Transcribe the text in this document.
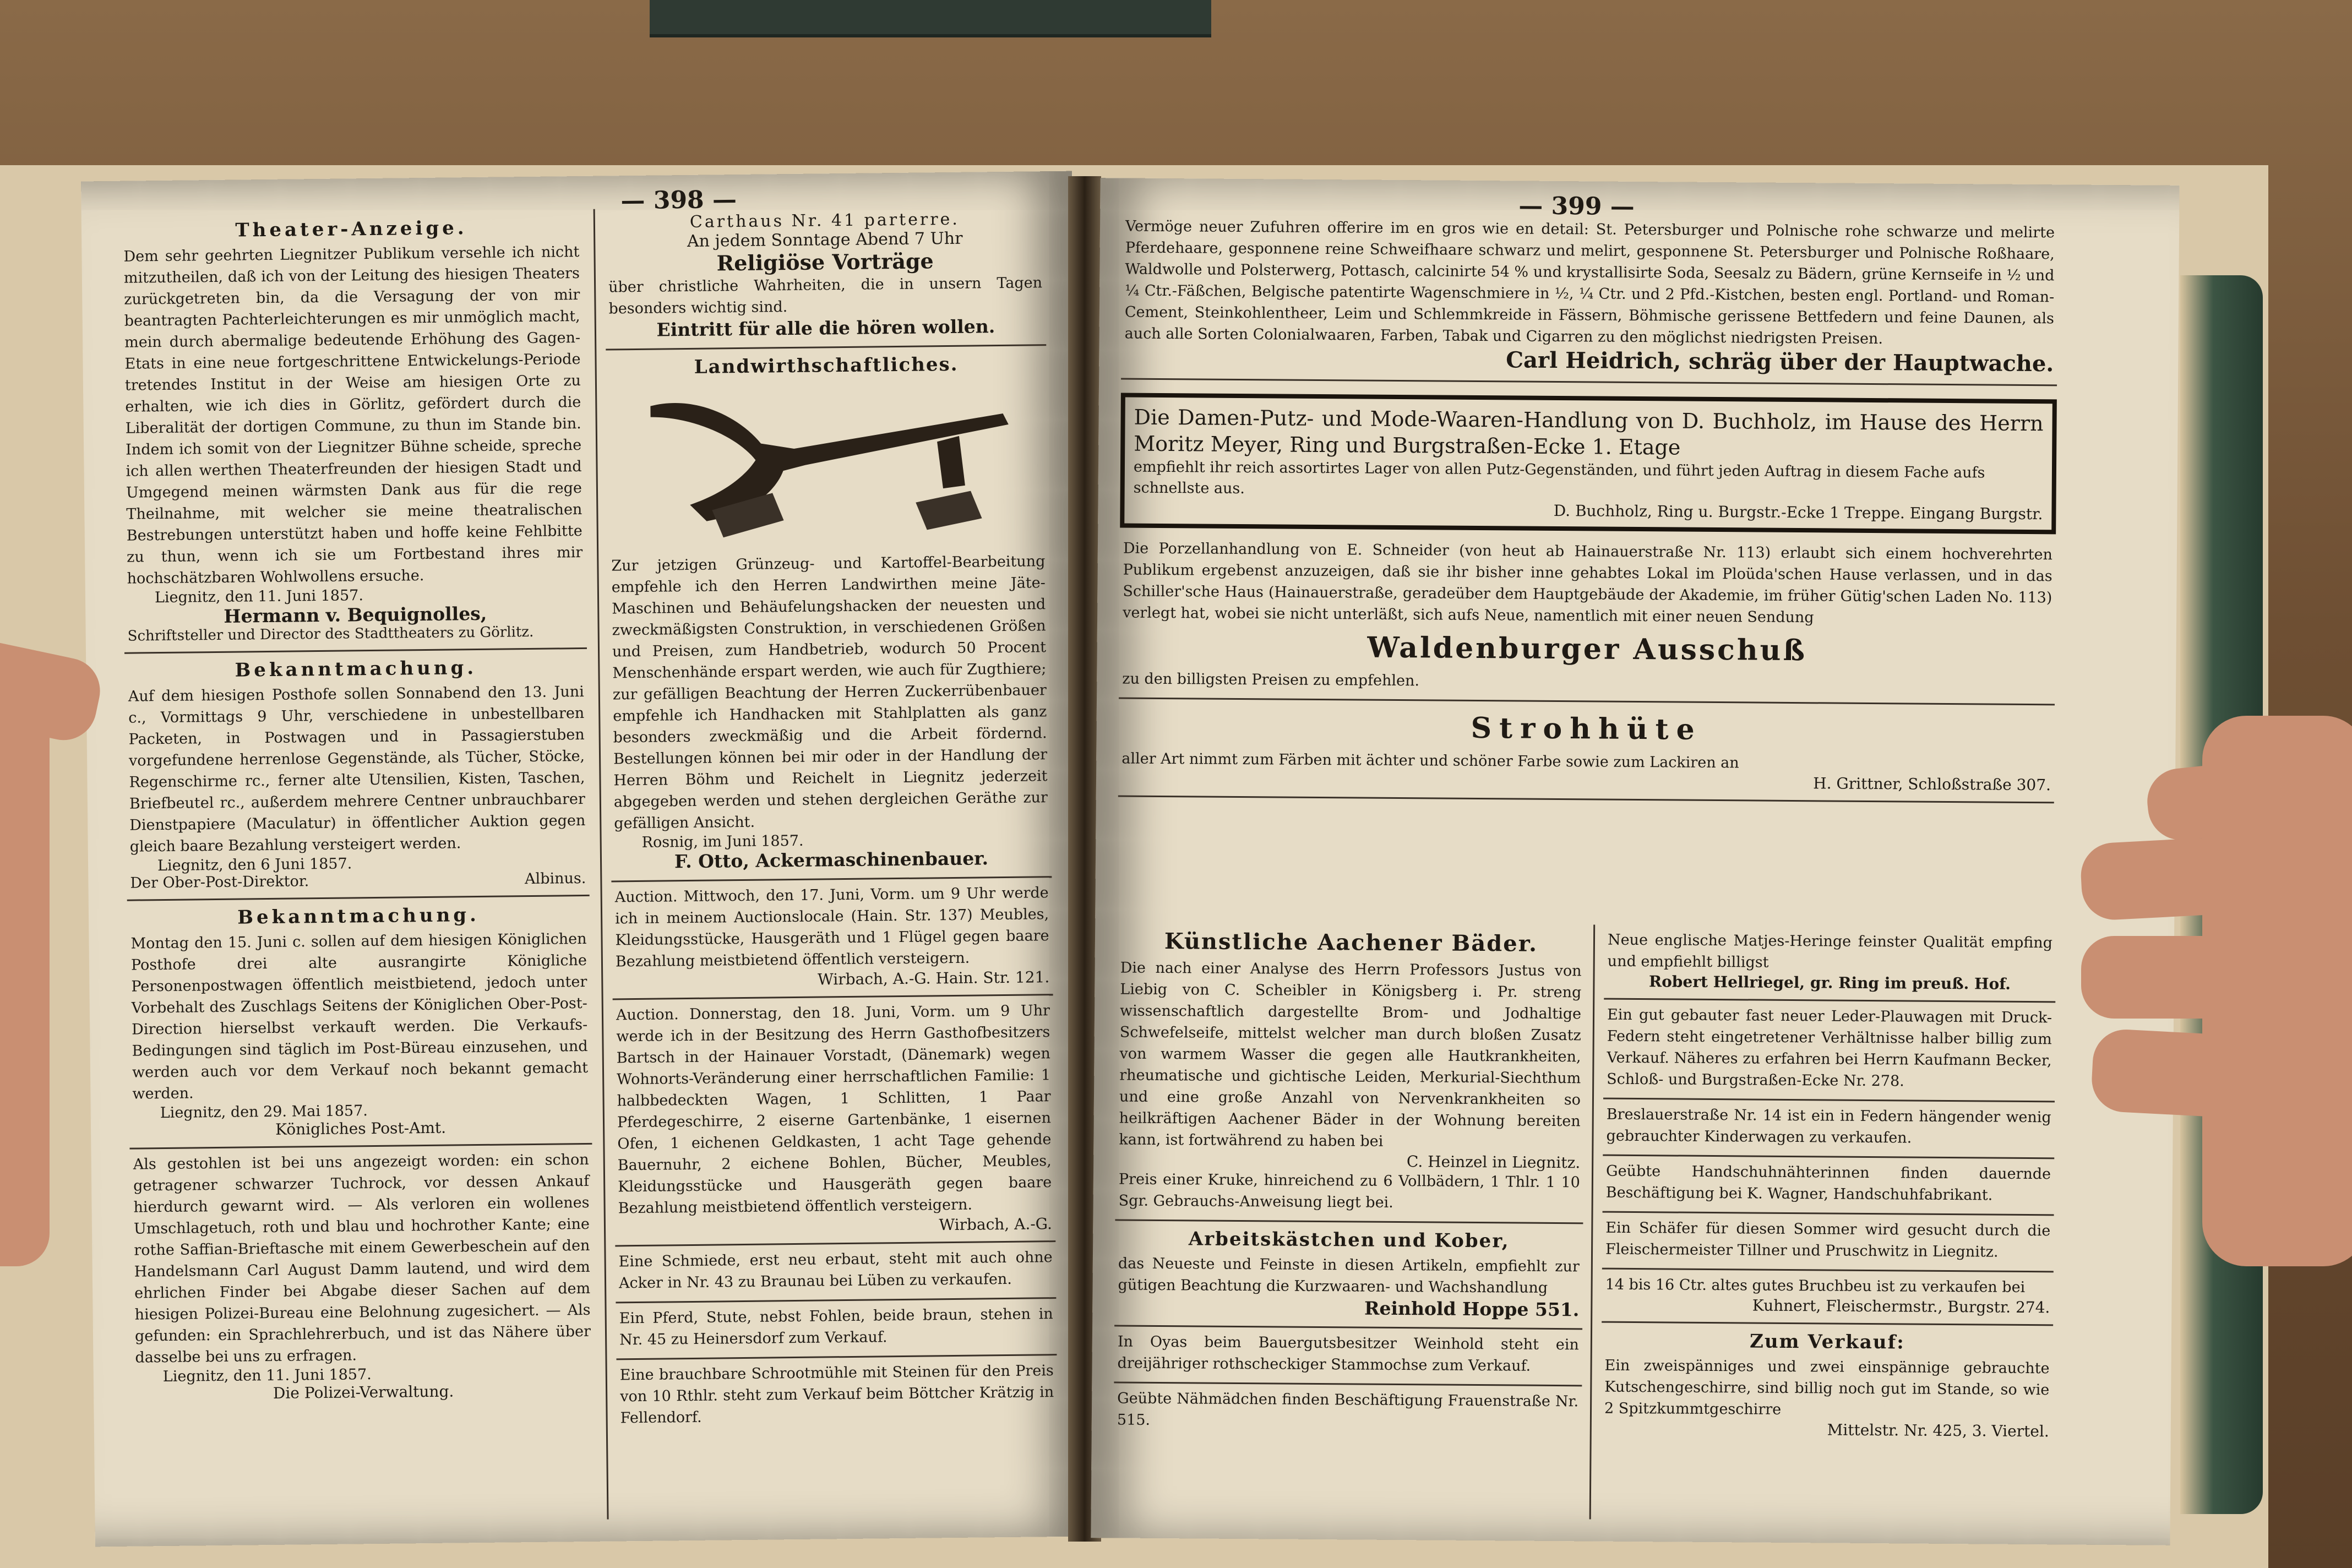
— 398 —
Theater-Anzeige.

Dem sehr geehrten Liegnitzer Publikum versehle ich nicht mitzutheilen, daß ich von der Leitung des hiesigen Theaters zurückgetreten bin, da die Versagung der von mir beantragten Pachterleichterungen es mir unmöglich macht, mein durch abermalige bedeutende Erhöhung des Gagen-Etats in eine neue fortgeschrittene Entwickelungs-Periode tretendes Institut in der Weise am hiesigen Orte zu erhalten, wie ich dies in Görlitz, gefördert durch die Liberalität der dortigen Commune, zu thun im Stande bin. Indem ich somit von der Liegnitzer Bühne scheide, spreche ich allen werthen Theaterfreunden der hiesigen Stadt und Umgegend meinen wärmsten Dank aus für die rege Theilnahme, mit welcher sie meine theatralischen Bestrebungen unterstützt haben und hoffe keine Fehlbitte zu thun, wenn ich sie um Fortbestand ihres mir hochschätzbaren Wohlwollens ersuche.

Liegnitz, den 11. Juni 1857.
Hermann v. Bequignolles,
Schriftsteller und Director des Stadttheaters zu Görlitz.
Bekanntmachung.

Auf dem hiesigen Posthofe sollen Sonnabend den 13. Juni c., Vormittags 9 Uhr, verschiedene in unbestellbaren Packeten, in Postwagen und in Passagierstuben vorgefundene herrenlose Gegenstände, als Tücher, Stöcke, Regenschirme rc., ferner alte Utensilien, Kisten, Taschen, Briefbeutel rc., außerdem mehrere Centner unbrauchbarer Dienstpapiere (Maculatur) in öffentlicher Auktion gegen gleich baare Bezahlung versteigert werden.

Liegnitz, den 6 Juni 1857.
Der Ober-Post-Direktor.	Albinus.
Bekanntmachung.

Montag den 15. Juni c. sollen auf dem hiesigen Königlichen Posthofe drei alte ausrangirte Königliche Personenpostwagen öffentlich meistbietend, jedoch unter Vorbehalt des Zuschlags Seitens der Königlichen Ober-Post-Direction hierselbst verkauft werden. Die Verkaufs-Bedingungen sind täglich im Post-Büreau einzusehen, und werden auch vor dem Verkauf noch bekannt gemacht werden.

Liegnitz, den 29. Mai 1857.
Königliches Post-Amt.

Als gestohlen ist bei uns angezeigt worden: ein schon getragener schwarzer Tuchrock, vor dessen Ankauf hierdurch gewarnt wird. — Als verloren ein wollenes Umschlagetuch, roth und blau und hochrother Kante; eine rothe Saffian-Brieftasche mit einem Gewerbeschein auf den Handelsmann Carl August Damm lautend, und wird dem ehrlichen Finder bei Abgabe dieser Sachen auf dem hiesigen Polizei-Bureau eine Belohnung zugesichert. — Als gefunden: ein Sprachlehrerbuch, und ist das Nähere über dasselbe bei uns zu erfragen.

Liegnitz, den 11. Juni 1857.
Die Polizei-Verwaltung.
Carthaus Nr. 41 parterre.
An jedem Sonntage Abend 7 Uhr
Religiöse Vorträge

über christliche Wahrheiten, die in unsern Tagen besonders wichtig sind.

Eintritt für alle die hören wollen.
Landwirthschaftliches.

Zur jetzigen Grünzeug- und Kartoffel-Bearbeitung empfehle ich den Herren Landwirthen meine Jäte-Maschinen und Behäufelungshacken der neuesten und zweckmäßigsten Construktion, in verschiedenen Größen und Preisen, zum Handbetrieb, wodurch 50 Procent Menschenhände erspart werden, wie auch für Zugthiere; zur gefälligen Beachtung der Herren Zuckerrübenbauer empfehle ich Handhacken mit Stahlplatten als ganz besonders zweckmäßig und die Arbeit fördernd. Bestellungen können bei mir oder in der Handlung der Herren Böhm und Reichelt in Liegnitz jederzeit abgegeben werden und stehen dergleichen Geräthe zur gefälligen Ansicht.

Rosnig, im Juni 1857.
F. Otto, Ackermaschinenbauer.

Auction. Mittwoch, den 17. Juni, Vorm. um 9 Uhr werde ich in meinem Auctionslocale (Hain. Str. 137) Meubles, Kleidungsstücke, Hausgeräth und 1 Flügel gegen baare Bezahlung meistbietend öffentlich versteigern.

Wirbach, A.-G. Hain. Str. 121.

Auction. Donnerstag, den 18. Juni, Vorm. um 9 Uhr werde ich in der Besitzung des Herrn Gasthofbesitzers Bartsch in der Hainauer Vorstadt, (Dänemark) wegen Wohnorts-Veränderung einer herrschaftlichen Familie: 1 halbbedeckten Wagen, 1 Schlitten, 1 Paar Pferdegeschirre, 2 eiserne Gartenbänke, 1 eisernen Ofen, 1 eichenen Geldkasten, 1 acht Tage gehende Bauernuhr, 2 eichene Bohlen, Bücher, Meubles, Kleidungsstücke und Hausgeräth gegen baare Bezahlung meistbietend öffentlich versteigern.

Wirbach, A.-G.

Eine Schmiede, erst neu erbaut, steht mit auch ohne Acker in Nr. 43 zu Braunau bei Lüben zu verkaufen.

Ein Pferd, Stute, nebst Fohlen, beide braun, stehen in Nr. 45 zu Heinersdorf zum Verkauf.

Eine brauchbare Schrootmühle mit Steinen für den Preis von 10 Rthlr. steht zum Verkauf beim Böttcher Krätzig in Fellendorf.

— 399 —

Vermöge neuer Zufuhren offerire im en gros wie en detail: St. Petersburger und Polnische rohe schwarze und melirte Pferdehaare, gesponnene reine Schweifhaare schwarz und melirt, gesponnene St. Petersburger und Polnische Roßhaare, Waldwolle und Polsterwerg, Pottasch, calcinirte 54 % und krystallisirte Soda, Seesalz zu Bädern, grüne Kernseife in ½ und ¼ Ctr.-Fäßchen, Belgische patentirte Wagenschmiere in ½, ¼ Ctr. und 2 Pfd.-Kistchen, besten engl. Portland- und Roman-Cement, Steinkohlentheer, Leim und Schlemmkreide in Fässern, Böhmische gerissene Bettfedern und feine Daunen, als auch alle Sorten Colonialwaaren, Farben, Tabak und Cigarren zu den möglichst niedrigsten Preisen.

Carl Heidrich, schräg über der Hauptwache.

Die Damen-Putz- und Mode-Waaren-Handlung von D. Buchholz, im Hause des Herrn Moritz Meyer, Ring und Burgstraßen-Ecke 1. Etage

empfiehlt ihr reich assortirtes Lager von allen Putz-Gegenständen, und führt jeden Auftrag in diesem Fache aufs schnellste aus.

D. Buchholz, Ring u. Burgstr.-Ecke 1 Treppe. Eingang Burgstr.

Die Porzellanhandlung von E. Schneider (von heut ab Hainauerstraße Nr. 113) erlaubt sich einem hochverehrten Publikum ergebenst anzuzeigen, daß sie ihr bisher inne gehabtes Lokal im Ploüda'schen Hause verlassen, und in das Schiller'sche Haus (Hainauerstraße, geradeüber dem Hauptgebäude der Akademie, im früher Gütig'schen Laden No. 113) verlegt hat, wobei sie nicht unterläßt, sich aufs Neue, namentlich mit einer neuen Sendung

Waldenburger Ausschuß

zu den billigsten Preisen zu empfehlen.

Strohhüte

aller Art nimmt zum Färben mit ächter und schöner Farbe sowie zum Lackiren an

H. Grittner, Schloßstraße 307.
Künstliche Aachener Bäder.

Die nach einer Analyse des Herrn Professors Justus von Liebig von C. Scheibler in Königsberg i. Pr. streng wissenschaftlich dargestellte Brom- und Jodhaltige Schwefelseife, mittelst welcher man durch bloßen Zusatz von warmem Wasser die gegen alle Hautkrankheiten, rheumatische und gichtische Leiden, Merkurial-Siechthum und eine große Anzahl von Nervenkrankheiten so heilkräftigen Aachener Bäder in der Wohnung bereiten kann, ist fortwährend zu haben bei

C. Heinzel in Liegnitz.

Preis einer Kruke, hinreichend zu 6 Vollbädern, 1 Thlr. 1 10 Sgr. Gebrauchs-Anweisung liegt bei.

Arbeitskästchen und Kober,

das Neueste und Feinste in diesen Artikeln, empfiehlt zur gütigen Beachtung die Kurzwaaren- und Wachshandlung

Reinhold Hoppe 551.

In Oyas beim Bauergutsbesitzer Weinhold steht ein dreijähriger rothscheckiger Stammochse zum Verkauf.

Geübte Nähmädchen finden Beschäftigung Frauenstraße Nr. 515.

Neue englische Matjes-Heringe feinster Qualität empfing und empfiehlt billigst

Robert Hellriegel, gr. Ring im preuß. Hof.

Ein gut gebauter fast neuer Leder-Plauwagen mit Druck-Federn steht eingetretener Verhältnisse halber billig zum Verkauf. Näheres zu erfahren bei Herrn Kaufmann Becker, Schloß- und Burgstraßen-Ecke Nr. 278.

Breslauerstraße Nr. 14 ist ein in Federn hängender wenig gebrauchter Kinderwagen zu verkaufen.

Geübte Handschuhnähterinnen finden dauernde Beschäftigung bei K. Wagner, Handschuhfabrikant.

Ein Schäfer für diesen Sommer wird gesucht durch die Fleischermeister Tillner und Pruschwitz in Liegnitz.

14 bis 16 Ctr. altes gutes Bruchbeu ist zu verkaufen bei

Kuhnert, Fleischermstr., Burgstr. 274.
Zum Verkauf:

Ein zweispänniges und zwei einspännige gebrauchte Kutschengeschirre, sind billig noch gut im Stande, so wie 2 Spitzkummtgeschirre

Mittelstr. Nr. 425, 3. Viertel.
